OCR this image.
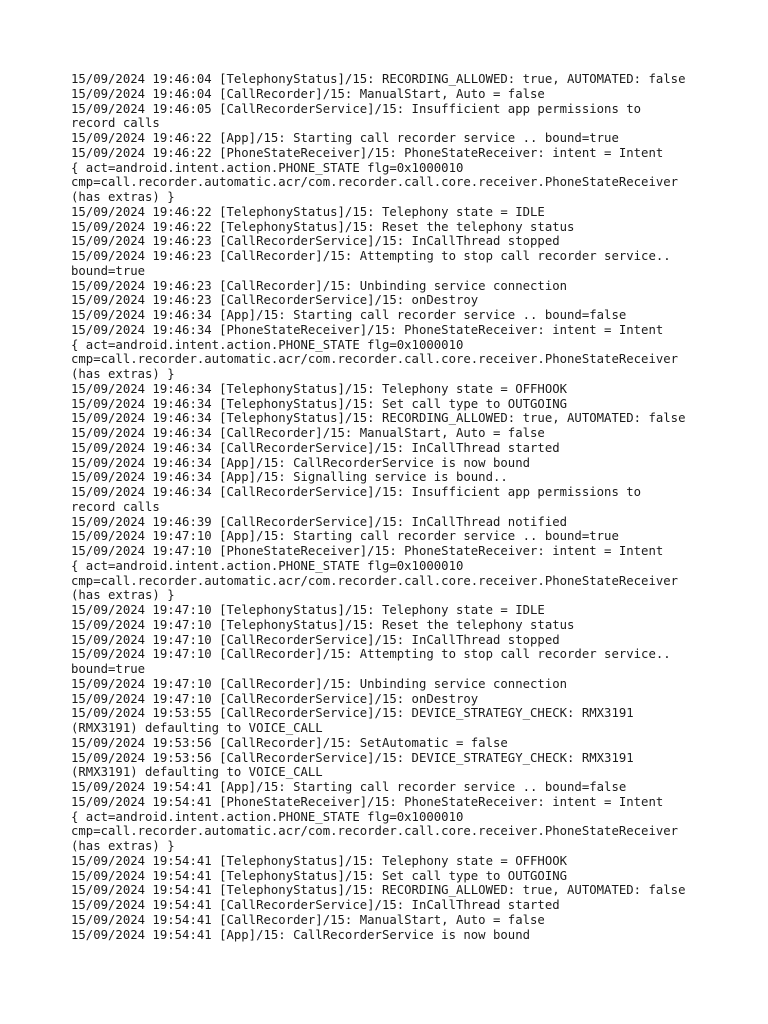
15/09/2024 19:46:04 [TelephonyStatus]/15: RECORDING_ALLOWED: true, AUTOMATED: false
15/09/2024 19:46:04 [CallRecorder]/15: ManualStart, Auto = false
15/09/2024 19:46:05 [CallRecorderService]/15: Insufficient app permissions to
record calls
15/09/2024 19:46:22 [App]/15: Starting call recorder service .. bound=true
15/09/2024 19:46:22 [PhoneStateReceiver]/15: PhoneStateReceiver: intent = Intent
{ act=android.intent.action.PHONE_STATE flg=0x1000010
cmp=call.recorder.automatic.acr/com.recorder.call.core.receiver.PhoneStateReceiver
(has extras) }
15/09/2024 19:46:22 [TelephonyStatus]/15: Telephony state = IDLE
15/09/2024 19:46:22 [TelephonyStatus]/15: Reset the telephony status
15/09/2024 19:46:23 [CallRecorderService]/15: InCallThread stopped
15/09/2024 19:46:23 [CallRecorder]/15: Attempting to stop call recorder service..
bound=true
15/09/2024 19:46:23 [CallRecorder]/15: Unbinding service connection
15/09/2024 19:46:23 [CallRecorderService]/15: onDestroy
15/09/2024 19:46:34 [App]/15: Starting call recorder service .. bound=false
15/09/2024 19:46:34 [PhoneStateReceiver]/15: PhoneStateReceiver: intent = Intent
{ act=android.intent.action.PHONE_STATE flg=0x1000010
cmp=call.recorder.automatic.acr/com.recorder.call.core.receiver.PhoneStateReceiver
(has extras) }
15/09/2024 19:46:34 [TelephonyStatus]/15: Telephony state = OFFHOOK
15/09/2024 19:46:34 [TelephonyStatus]/15: Set call type to OUTGOING
15/09/2024 19:46:34 [TelephonyStatus]/15: RECORDING_ALLOWED: true, AUTOMATED: false
15/09/2024 19:46:34 [CallRecorder]/15: ManualStart, Auto = false
15/09/2024 19:46:34 [CallRecorderService]/15: InCallThread started
15/09/2024 19:46:34 [App]/15: CallRecorderService is now bound
15/09/2024 19:46:34 [App]/15: Signalling service is bound..
15/09/2024 19:46:34 [CallRecorderService]/15: Insufficient app permissions to
record calls
15/09/2024 19:46:39 [CallRecorderService]/15: InCallThread notified
15/09/2024 19:47:10 [App]/15: Starting call recorder service .. bound=true
15/09/2024 19:47:10 [PhoneStateReceiver]/15: PhoneStateReceiver: intent = Intent
{ act=android.intent.action.PHONE_STATE flg=0x1000010
cmp=call.recorder.automatic.acr/com.recorder.call.core.receiver.PhoneStateReceiver
(has extras) }
15/09/2024 19:47:10 [TelephonyStatus]/15: Telephony state = IDLE
15/09/2024 19:47:10 [TelephonyStatus]/15: Reset the telephony status
15/09/2024 19:47:10 [CallRecorderService]/15: InCallThread stopped
15/09/2024 19:47:10 [CallRecorder]/15: Attempting to stop call recorder service..
bound=true
15/09/2024 19:47:10 [CallRecorder]/15: Unbinding service connection
15/09/2024 19:47:10 [CallRecorderService]/15: onDestroy
15/09/2024 19:53:55 [CallRecorderService]/15: DEVICE_STRATEGY_CHECK: RMX3191
(RMX3191) defaulting to VOICE_CALL
15/09/2024 19:53:56 [CallRecorder]/15: SetAutomatic = false
15/09/2024 19:53:56 [CallRecorderService]/15: DEVICE_STRATEGY_CHECK: RMX3191
(RMX3191) defaulting to VOICE_CALL
15/09/2024 19:54:41 [App]/15: Starting call recorder service .. bound=false
15/09/2024 19:54:41 [PhoneStateReceiver]/15: PhoneStateReceiver: intent = Intent
{ act=android.intent.action.PHONE_STATE flg=0x1000010
cmp=call.recorder.automatic.acr/com.recorder.call.core.receiver.PhoneStateReceiver
(has extras) }
15/09/2024 19:54:41 [TelephonyStatus]/15: Telephony state = OFFHOOK
15/09/2024 19:54:41 [TelephonyStatus]/15: Set call type to OUTGOING
15/09/2024 19:54:41 [TelephonyStatus]/15: RECORDING_ALLOWED: true, AUTOMATED: false
15/09/2024 19:54:41 [CallRecorderService]/15: InCallThread started
15/09/2024 19:54:41 [CallRecorder]/15: ManualStart, Auto = false
15/09/2024 19:54:41 [App]/15: CallRecorderService is now bound
